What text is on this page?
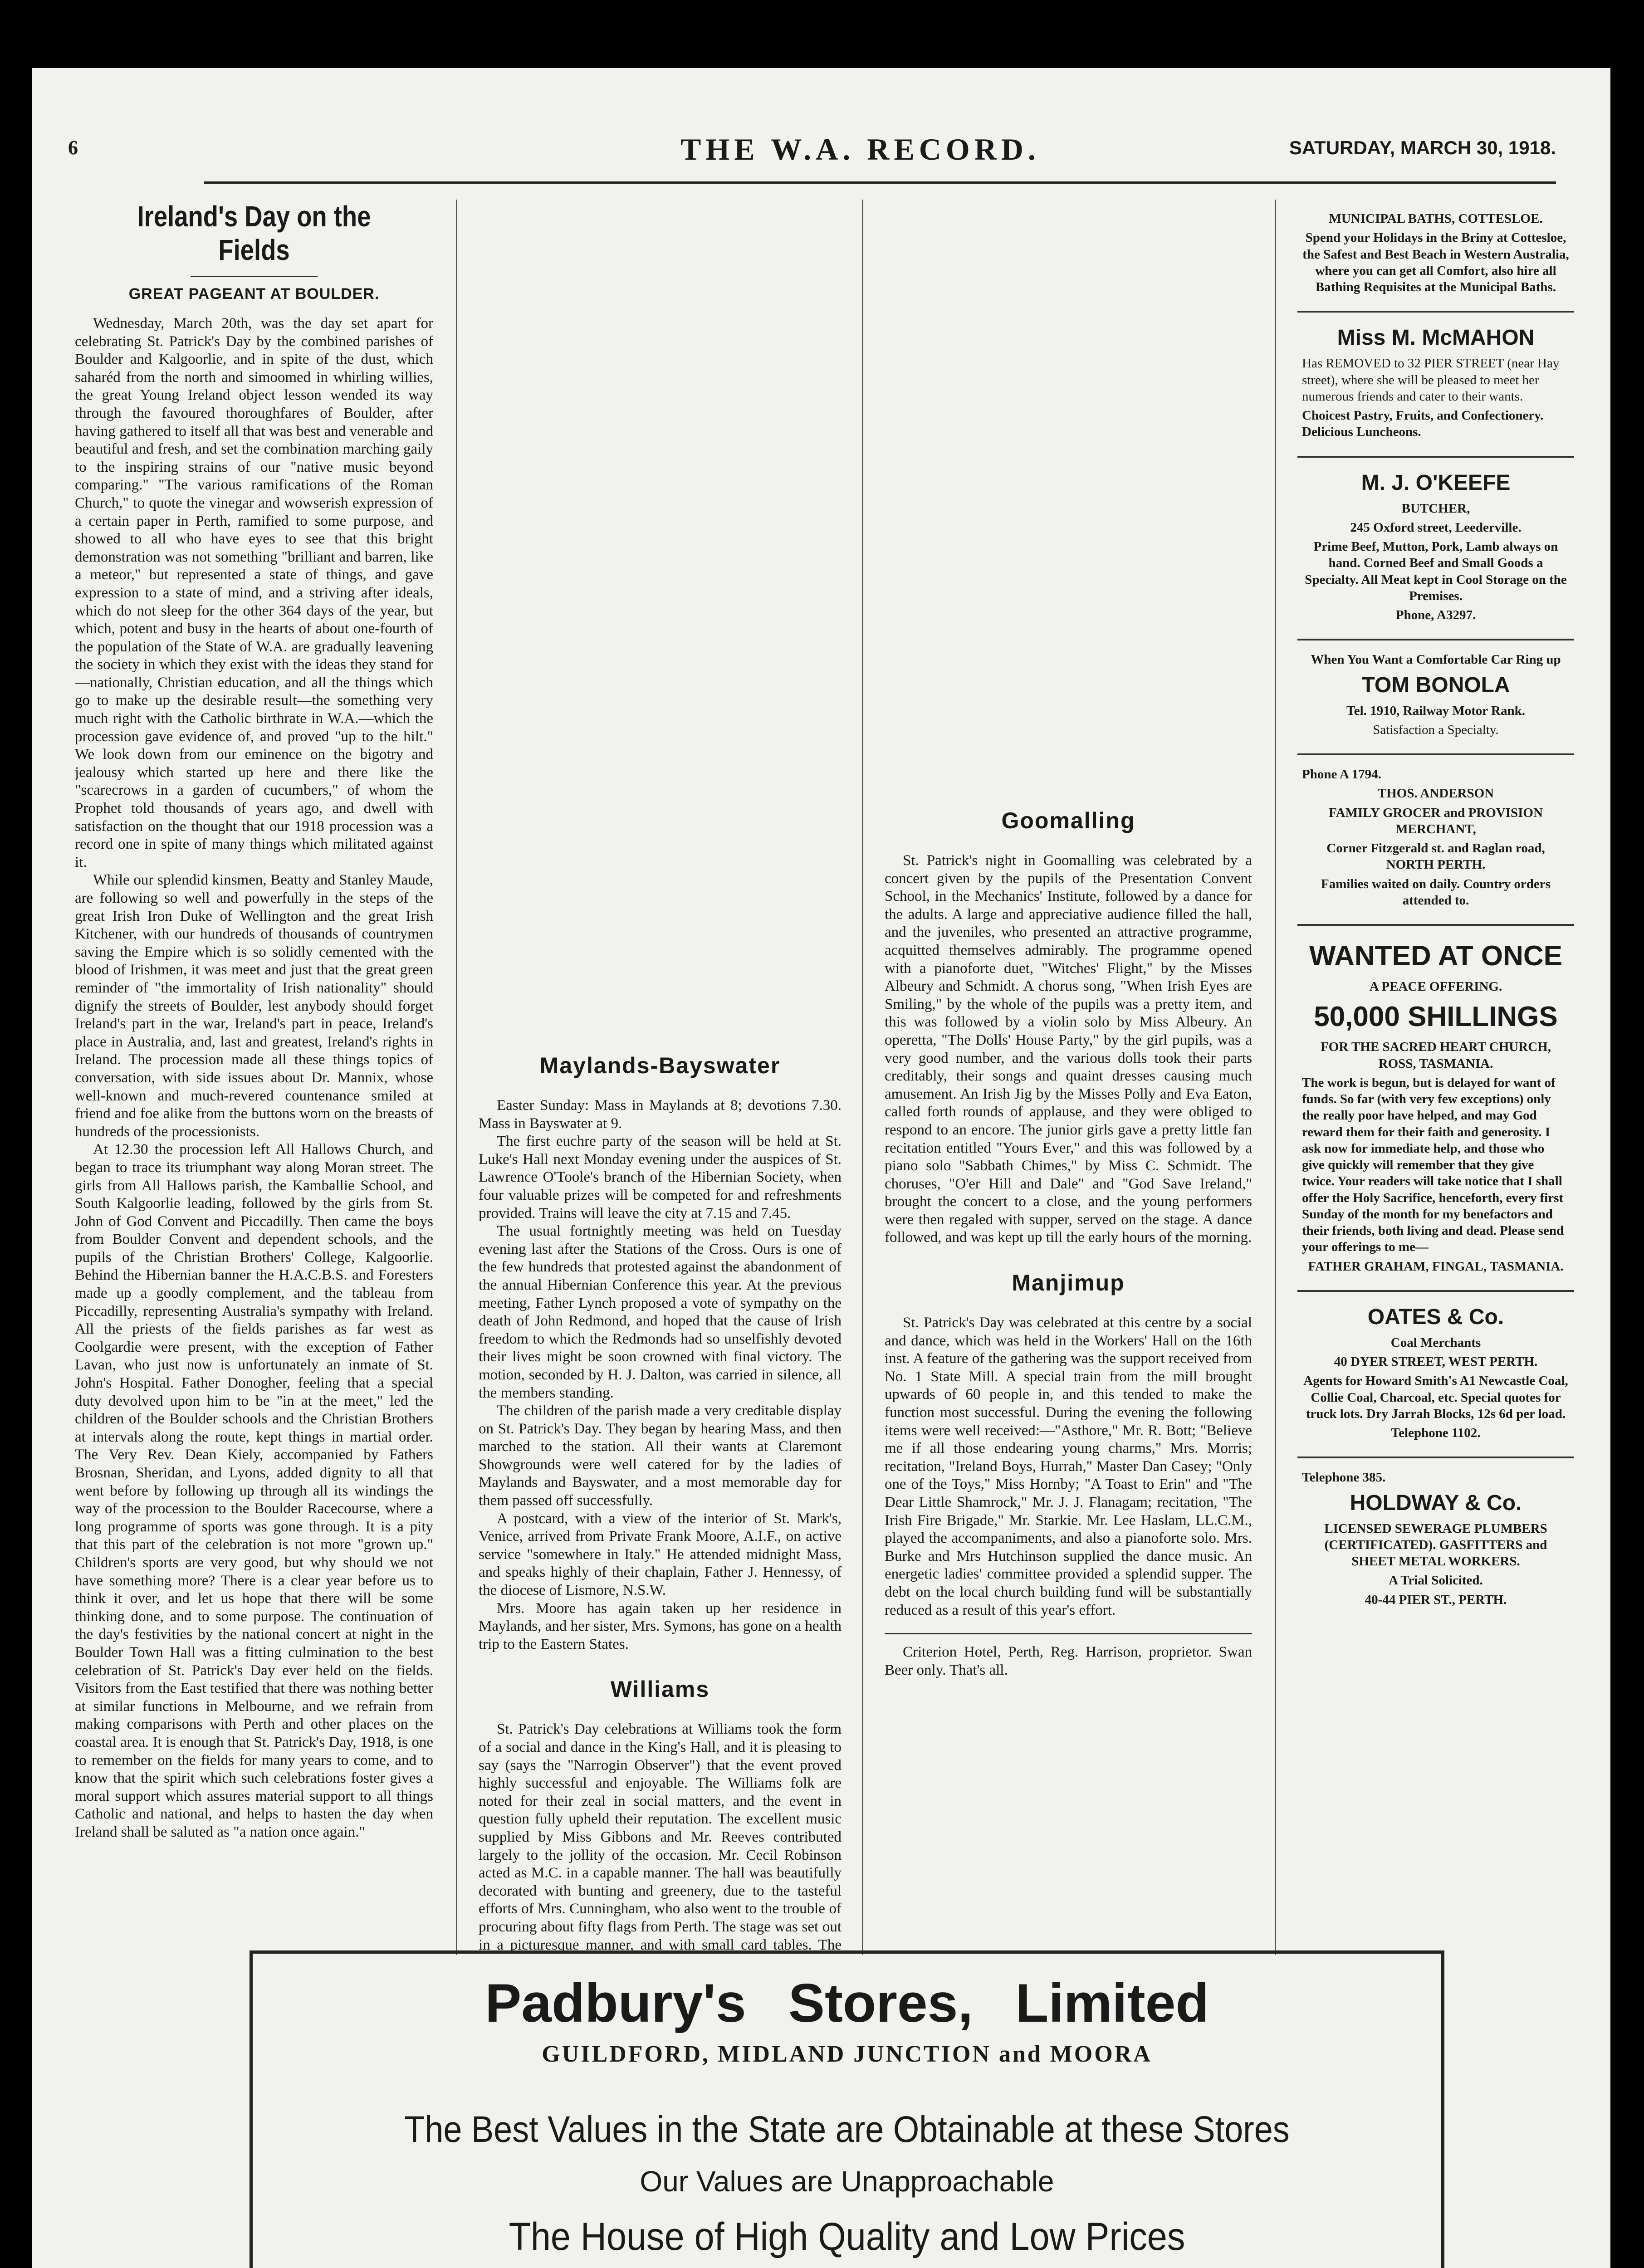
6	THE W.A. RECORD.	SATURDAY, MARCH 30, 1918.
Ireland's Day on the Fields
GREAT PAGEANT AT BOULDER.

Wednesday, March 20th, was the day set apart for celebrating St. Patrick's Day by the combined parishes of Boulder and Kalgoorlie, and in spite of the dust, which saharéd from the north and simoomed in whirling willies, the great Young Ireland object lesson wended its way through the favoured thoroughfares of Boulder, after having gathered to itself all that was best and venerable and beautiful and fresh, and set the combination marching gaily to the inspiring strains of our "native music beyond comparing." "The various ramifications of the Roman Church," to quote the vinegar and wowserish expression of a certain paper in Perth, ramified to some purpose, and showed to all who have eyes to see that this bright demonstration was not something "brilliant and barren, like a meteor," but represented a state of things, and gave expression to a state of mind, and a striving after ideals, which do not sleep for the other 364 days of the year, but which, potent and busy in the hearts of about one-fourth of the population of the State of W.A. are gradually leavening the society in which they exist with the ideas they stand for—nationally, Christian education, and all the things which go to make up the desirable result—the something very much right with the Catholic birthrate in W.A.—which the procession gave evidence of, and proved "up to the hilt." We look down from our eminence on the bigotry and jealousy which started up here and there like the "scarecrows in a garden of cucumbers," of whom the Prophet told thousands of years ago, and dwell with satisfaction on the thought that our 1918 procession was a record one in spite of many things which militated against it.

While our splendid kinsmen, Beatty and Stanley Maude, are following so well and powerfully in the steps of the great Irish Iron Duke of Wellington and the great Irish Kitchener, with our hundreds of thousands of countrymen saving the Empire which is so solidly cemented with the blood of Irishmen, it was meet and just that the great green reminder of "the immortality of Irish nationality" should dignify the streets of Boulder, lest anybody should forget Ireland's part in the war, Ireland's part in peace, Ireland's place in Australia, and, last and greatest, Ireland's rights in Ireland. The procession made all these things topics of conversation, with side issues about Dr. Mannix, whose well-known and much-revered countenance smiled at friend and foe alike from the buttons worn on the breasts of hundreds of the processionists.

At 12.30 the procession left All Hallows Church, and began to trace its triumphant way along Moran street. The girls from All Hallows parish, the Kamballie School, and South Kalgoorlie leading, followed by the girls from St. John of God Convent and Piccadilly. Then came the boys from Boulder Convent and dependent schools, and the pupils of the Christian Brothers' College, Kalgoorlie. Behind the Hibernian banner the H.A.C.B.S. and Foresters made up a goodly complement, and the tableau from Piccadilly, representing Australia's sympathy with Ireland. All the priests of the fields parishes as far west as Coolgardie were present, with the exception of Father Lavan, who just now is unfortunately an inmate of St. John's Hospital. Father Donogher, feeling that a special duty devolved upon him to be "in at the meet," led the children of the Boulder schools and the Christian Brothers at intervals along the route, kept things in martial order. The Very Rev. Dean Kiely, accompanied by Fathers Brosnan, Sheridan, and Lyons, added dignity to all that went before by following up through all its windings the way of the procession to the Boulder Racecourse, where a long programme of sports was gone through. It is a pity that this part of the celebration is not more "grown up." Children's sports are very good, but why should we not have something more? There is a clear year before us to think it over, and let us hope that there will be some thinking done, and to some purpose. The continuation of the day's festivities by the national concert at night in the Boulder Town Hall was a fitting culmination to the best celebration of St. Patrick's Day ever held on the fields. Visitors from the East testified that there was nothing better at similar functions in Melbourne, and we refrain from making comparisons with Perth and other places on the coastal area. It is enough that St. Patrick's Day, 1918, is one to remember on the fields for many years to come, and to know that the spirit which such celebrations foster gives a moral support which assures material support to all things Catholic and national, and helps to hasten the day when Ireland shall be saluted as "a nation once again."

Maylands-Bayswater

Easter Sunday: Mass in Maylands at 8; devotions 7.30. Mass in Bayswater at 9.

The first euchre party of the season will be held at St. Luke's Hall next Monday evening under the auspices of St. Lawrence O'Toole's branch of the Hibernian Society, when four valuable prizes will be competed for and refreshments provided. Trains will leave the city at 7.15 and 7.45.

The usual fortnightly meeting was held on Tuesday evening last after the Stations of the Cross. Ours is one of the few hundreds that protested against the abandonment of the annual Hibernian Conference this year. At the previous meeting, Father Lynch proposed a vote of sympathy on the death of John Redmond, and hoped that the cause of Irish freedom to which the Redmonds had so unselfishly devoted their lives might be soon crowned with final victory. The motion, seconded by H. J. Dalton, was carried in silence, all the members standing.

The children of the parish made a very creditable display on St. Patrick's Day. They began by hearing Mass, and then marched to the station. All their wants at Claremont Showgrounds were well catered for by the ladies of Maylands and Bayswater, and a most memorable day for them passed off successfully.

A postcard, with a view of the interior of St. Mark's, Venice, arrived from Private Frank Moore, A.I.F., on active service "somewhere in Italy." He attended midnight Mass, and speaks highly of their chaplain, Father J. Hennessy, of the diocese of Lismore, N.S.W.

Mrs. Moore has again taken up her residence in Maylands, and her sister, Mrs. Symons, has gone on a health trip to the Eastern States.

Williams

St. Patrick's Day celebrations at Williams took the form of a social and dance in the King's Hall, and it is pleasing to say (says the "Narrogin Observer") that the event proved highly successful and enjoyable. The Williams folk are noted for their zeal in social matters, and the event in question fully upheld their reputation. The excellent music supplied by Miss Gibbons and Mr. Reeves contributed largely to the jollity of the occasion. Mr. Cecil Robinson acted as M.C. in a capable manner. The hall was beautifully decorated with bunting and greenery, due to the tasteful efforts of Mrs. Cunningham, who also went to the trouble of procuring about fifty flags from Perth. The stage was set out in a picturesque manner, and with small card tables. The

Goomalling

St. Patrick's night in Goomalling was celebrated by a concert given by the pupils of the Presentation Convent School, in the Mechanics' Institute, followed by a dance for the adults. A large and appreciative audience filled the hall, and the juveniles, who presented an attractive programme, acquitted themselves admirably. The programme opened with a pianoforte duet, "Witches' Flight," by the Misses Albeury and Schmidt. A chorus song, "When Irish Eyes are Smiling," by the whole of the pupils was a pretty item, and this was followed by a violin solo by Miss Albeury. An operetta, "The Dolls' House Party," by the girl pupils, was a very good number, and the various dolls took their parts creditably, their songs and quaint dresses causing much amusement. An Irish Jig by the Misses Polly and Eva Eaton, called forth rounds of applause, and they were obliged to respond to an encore. The junior girls gave a pretty little fan recitation entitled "Yours Ever," and this was followed by a piano solo "Sabbath Chimes," by Miss C. Schmidt. The choruses, "O'er Hill and Dale" and "God Save Ireland," brought the concert to a close, and the young performers were then regaled with supper, served on the stage. A dance followed, and was kept up till the early hours of the morning.

Manjimup

St. Patrick's Day was celebrated at this centre by a social and dance, which was held in the Workers' Hall on the 16th inst. A feature of the gathering was the support received from No. 1 State Mill. A special train from the mill brought upwards of 60 people in, and this tended to make the function most successful. During the evening the following items were well received:—"Asthore," Mr. R. Bott; "Believe me if all those endearing young charms," Mrs. Morris; recitation, "Ireland Boys, Hurrah," Master Dan Casey; "Only one of the Toys," Miss Hornby; "A Toast to Erin" and "The Dear Little Shamrock," Mr. J. J. Flanagam; recitation, "The Irish Fire Brigade," Mr. Starkie. Mr. Lee Haslam, LL.C.M., played the accompaniments, and also a pianoforte solo. Mrs. Burke and Mrs Hutchinson supplied the dance music. An energetic ladies' committee provided a splendid supper. The debt on the local church building fund will be substantially reduced as a result of this year's effort.

Criterion Hotel, Perth, Reg. Harrison, proprietor. Swan Beer only. That's all.

MUNICIPAL BATHS, COTTESLOE.
Spend your Holidays in the Briny at Cottesloe, the Safest and Best Beach in Western Australia, where you can get all Comfort, also hire all Bathing Requisites at the Municipal Baths.
Miss M. McMAHON
Has REMOVED to 32 PIER STREET (near Hay street), where she will be pleased to meet her numerous friends and cater to their wants.
Choicest Pastry, Fruits, and Confectionery. Delicious Luncheons.
M. J. O'KEEFE
BUTCHER,
245 Oxford street, Leederville.
Prime Beef, Mutton, Pork, Lamb always on hand. Corned Beef and Small Goods a Specialty. All Meat kept in Cool Storage on the Premises.
Phone, A3297.
When You Want a Comfortable Car Ring up
TOM BONOLA
Tel. 1910, Railway Motor Rank.
Satisfaction a Specialty.
Phone A 1794.
THOS. ANDERSON
FAMILY GROCER and PROVISION MERCHANT,
Corner Fitzgerald st. and Raglan road, NORTH PERTH.
Families waited on daily. Country orders attended to.
WANTED AT ONCE
A PEACE OFFERING.
50,000 SHILLINGS
FOR THE SACRED HEART CHURCH, ROSS, TASMANIA.
The work is begun, but is delayed for want of funds. So far (with very few exceptions) only the really poor have helped, and may God reward them for their faith and generosity. I ask now for immediate help, and those who give quickly will remember that they give twice. Your readers will take notice that I shall offer the Holy Sacrifice, henceforth, every first Sunday of the month for my benefactors and their friends, both living and dead. Please send your offerings to me—
FATHER GRAHAM, FINGAL, TASMANIA.
OATES & Co.
Coal Merchants
40 DYER STREET, WEST PERTH.
Agents for Howard Smith's A1 Newcastle Coal, Collie Coal, Charcoal, etc. Special quotes for truck lots. Dry Jarrah Blocks, 12s 6d per load.
Telephone 1102.
Telephone 385.
HOLDWAY & Co.
LICENSED SEWERAGE PLUMBERS (CERTIFICATED). GASFITTERS and SHEET METAL WORKERS.
A Trial Solicited.
40-44 PIER ST., PERTH.
Padbury's Stores, Limited
GUILDFORD, MIDLAND JUNCTION and MOORA
The Best Values in the State are Obtainable at these Stores
Our Values are Unapproachable
The House of High Quality and Low Prices
